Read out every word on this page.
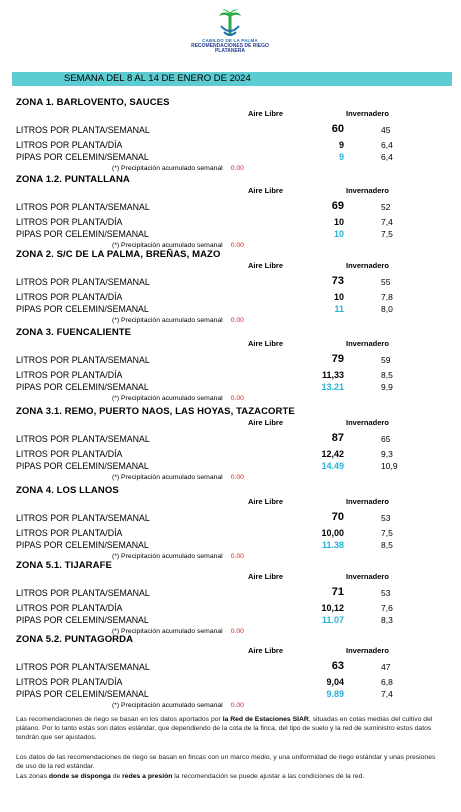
CABILDO DE LA PALMA
RECOMENDACIONES DE RIEGO
PLATANERA
SEMANA DEL 8 AL 14 DE ENERO DE 2024
ZONA 1. BARLOVENTO, SAUCES
Aire Libre	Invernadero
LITROS POR PLANTA/SEMANAL	60	45
LITROS POR PLANTA/DÍA	9	6,4
PIPAS POR CELEMIN/SEMANAL	9	6,4
(*) Precipitación acumulado semanal 0.00
ZONA 1.2. PUNTALLANA
Aire Libre	Invernadero
LITROS POR PLANTA/SEMANAL	69	52
LITROS POR PLANTA/DÍA	10	7,4
PIPAS POR CELEMIN/SEMANAL	10	7,5
(*) Precipitación acumulado semanal 0.00
ZONA 2. S/C DE LA PALMA, BREÑAS, MAZO
Aire Libre	Invernadero
LITROS POR PLANTA/SEMANAL	73	55
LITROS POR PLANTA/DÍA	10	7,8
PIPAS POR CELEMIN/SEMANAL	11	8,0
(*) Precipitación acumulado semanal 0.00
ZONA 3. FUENCALIENTE
Aire Libre	Invernadero
LITROS POR PLANTA/SEMANAL	79	59
LITROS POR PLANTA/DÍA	11,33	8,5
PIPAS POR CELEMIN/SEMANAL	13.21	9,9
(*) Precipitación acumulado semanal 0.00
ZONA 3.1. REMO, PUERTO NAOS, LAS HOYAS, TAZACORTE
Aire Libre	Invernadero
LITROS POR PLANTA/SEMANAL	87	65
LITROS POR PLANTA/DÍA	12,42	9,3
PIPAS POR CELEMIN/SEMANAL	14.49	10,9
(*) Precipitación acumulado semanal 0.00
ZONA 4. LOS LLANOS
Aire Libre	Invernadero
LITROS POR PLANTA/SEMANAL	70	53
LITROS POR PLANTA/DÍA	10,00	7,5
PIPAS POR CELEMIN/SEMANAL	11.38	8,5
(*) Precipitación acumulado semanal 0.00
ZONA 5.1. TIJARAFE
Aire Libre	Invernadero
LITROS POR PLANTA/SEMANAL	71	53
LITROS POR PLANTA/DÍA	10,12	7,6
PIPAS POR CELEMIN/SEMANAL	11.07	8,3
(*) Precipitación acumulado semanal 0.00
ZONA 5.2. PUNTAGORDA
Aire Libre	Invernadero
LITROS POR PLANTA/SEMANAL	63	47
LITROS POR PLANTA/DÍA	9,04	6,8
PIPAS POR CELEMIN/SEMANAL	9.89	7,4
(*) Precipitación acumulado semanal 0.00
Las recomendaciones de riego se basan en los datos aportados por la Red de Estaciones SIAR, situadas en cotas medias del cultivo del plátano. Por lo tanto estás son datos estándar, que dependiendo de la cota de la finca, del tipo de suelo y la red de suministro estos datos tendrán que ser ajustados.
Los datos de las recomendaciones de riego se basan en fincas con un marco medio, y una uniformidad de riego estándar y unas presiones de uso de la red estándar.
Las zonas donde se disponga de redes a presión la recomendación se puede ajustar a las condiciones de la red.
